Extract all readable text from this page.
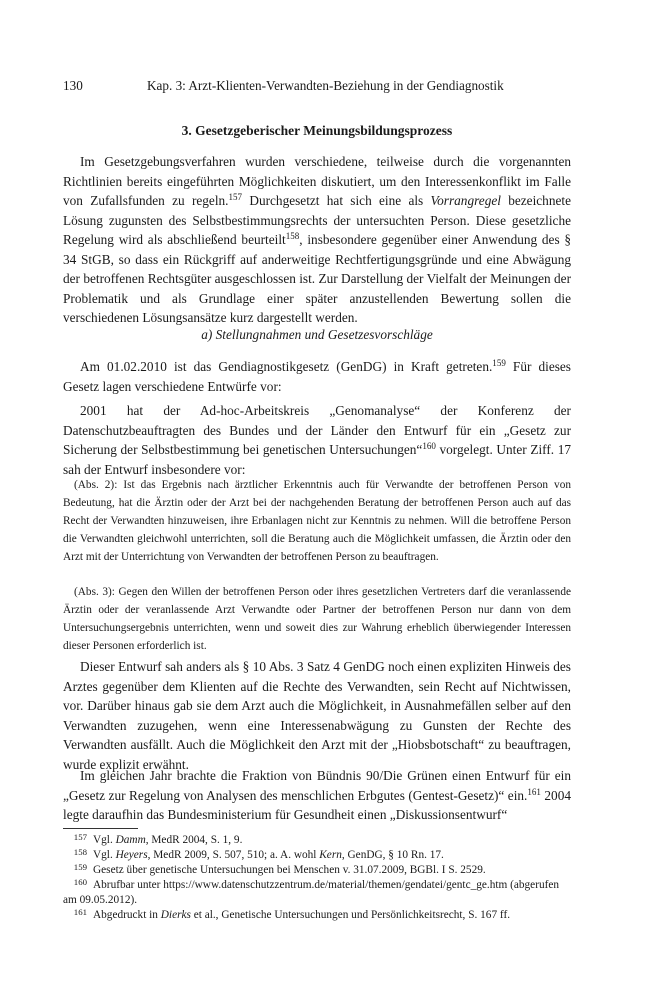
130	Kap. 3: Arzt-Klienten-Verwandten-Beziehung in der Gendiagnostik
3. Gesetzgeberischer Meinungsbildungsprozess

Im Gesetzgebungsverfahren wurden verschiedene, teilweise durch die vorgenannten Richtlinien bereits eingeführten Möglichkeiten diskutiert, um den Interessenkonflikt im Falle von Zufallsfunden zu regeln.$^{157}$ Durchgesetzt hat sich eine als Vorrangregel bezeichnete Lösung zugunsten des Selbstbestimmungsrechts der untersuchten Person. Diese gesetzliche Regelung wird als abschließend beurteilt$^{158}$, insbesondere gegenüber einer Anwendung des § 34 StGB, so dass ein Rückgriff auf anderweitige Rechtfertigungsgründe und eine Abwägung der betroffenen Rechtsgüter ausgeschlossen ist. Zur Darstellung der Vielfalt der Meinungen der Problematik und als Grundlage einer später anzustellenden Bewertung sollen die verschiedenen Lösungsansätze kurz dargestellt werden.

a) Stellungnahmen und Gesetzesvorschläge

Am 01.02.2010 ist das Gendiagnostikgesetz (GenDG) in Kraft getreten.$^{159}$ Für dieses Gesetz lagen verschiedene Entwürfe vor:

2001 hat der Ad-hoc-Arbeitskreis „Genomanalyse“ der Konferenz der Datenschutzbeauftragten des Bundes und der Länder den Entwurf für ein „Gesetz zur Sicherung der Selbstbestimmung bei genetischen Untersuchungen“$^{160}$ vorgelegt. Unter Ziff. 17 sah der Entwurf insbesondere vor:

(Abs. 2): Ist das Ergebnis nach ärztlicher Erkenntnis auch für Verwandte der betroffenen Person von Bedeutung, hat die Ärztin oder der Arzt bei der nachgehenden Beratung der betroffenen Person auch auf das Recht der Verwandten hinzuweisen, ihre Erbanlagen nicht zur Kenntnis zu nehmen. Will die betroffene Person die Verwandten gleichwohl unterrichten, soll die Beratung auch die Möglichkeit umfassen, die Ärztin oder den Arzt mit der Unterrichtung von Verwandten der betroffenen Person zu beauftragen.

(Abs. 3): Gegen den Willen der betroffenen Person oder ihres gesetzlichen Vertreters darf die veranlassende Ärztin oder der veranlassende Arzt Verwandte oder Partner der betroffenen Person nur dann von dem Untersuchungsergebnis unterrichten, wenn und soweit dies zur Wahrung erheblich überwiegender Interessen dieser Personen erforderlich ist.

Dieser Entwurf sah anders als § 10 Abs. 3 Satz 4 GenDG noch einen expliziten Hinweis des Arztes gegenüber dem Klienten auf die Rechte des Verwandten, sein Recht auf Nichtwissen, vor. Darüber hinaus gab sie dem Arzt auch die Möglichkeit, in Ausnahmefällen selber auf den Verwandten zuzugehen, wenn eine Interessenabwägung zu Gunsten der Rechte des Verwandten ausfällt. Auch die Möglichkeit den Arzt mit der „Hiobsbotschaft“ zu beauftragen, wurde explizit erwähnt.

Im gleichen Jahr brachte die Fraktion von Bündnis 90/Die Grünen einen Entwurf für ein „Gesetz zur Regelung von Analysen des menschlichen Erbgutes (Gentest-Gesetz)“ ein.$^{161}$ 2004 legte daraufhin das Bundesministerium für Gesundheit einen „Diskussionsentwurf“

157 Vgl. Damm, MedR 2004, S. 1, 9.

158 Vgl. Heyers, MedR 2009, S. 507, 510; a. A. wohl Kern, GenDG, § 10 Rn. 17.

159 Gesetz über genetische Untersuchungen bei Menschen v. 31.07.2009, BGBl. I S. 2529.

160 Abrufbar unter https://www.datenschutzzentrum.de/material/themen/gendatei/gentc_ge.htm (abgerufen am 09.05.2012).

161 Abgedruckt in Dierks et al., Genetische Untersuchungen und Persönlichkeitsrecht, S. 167 ff.
